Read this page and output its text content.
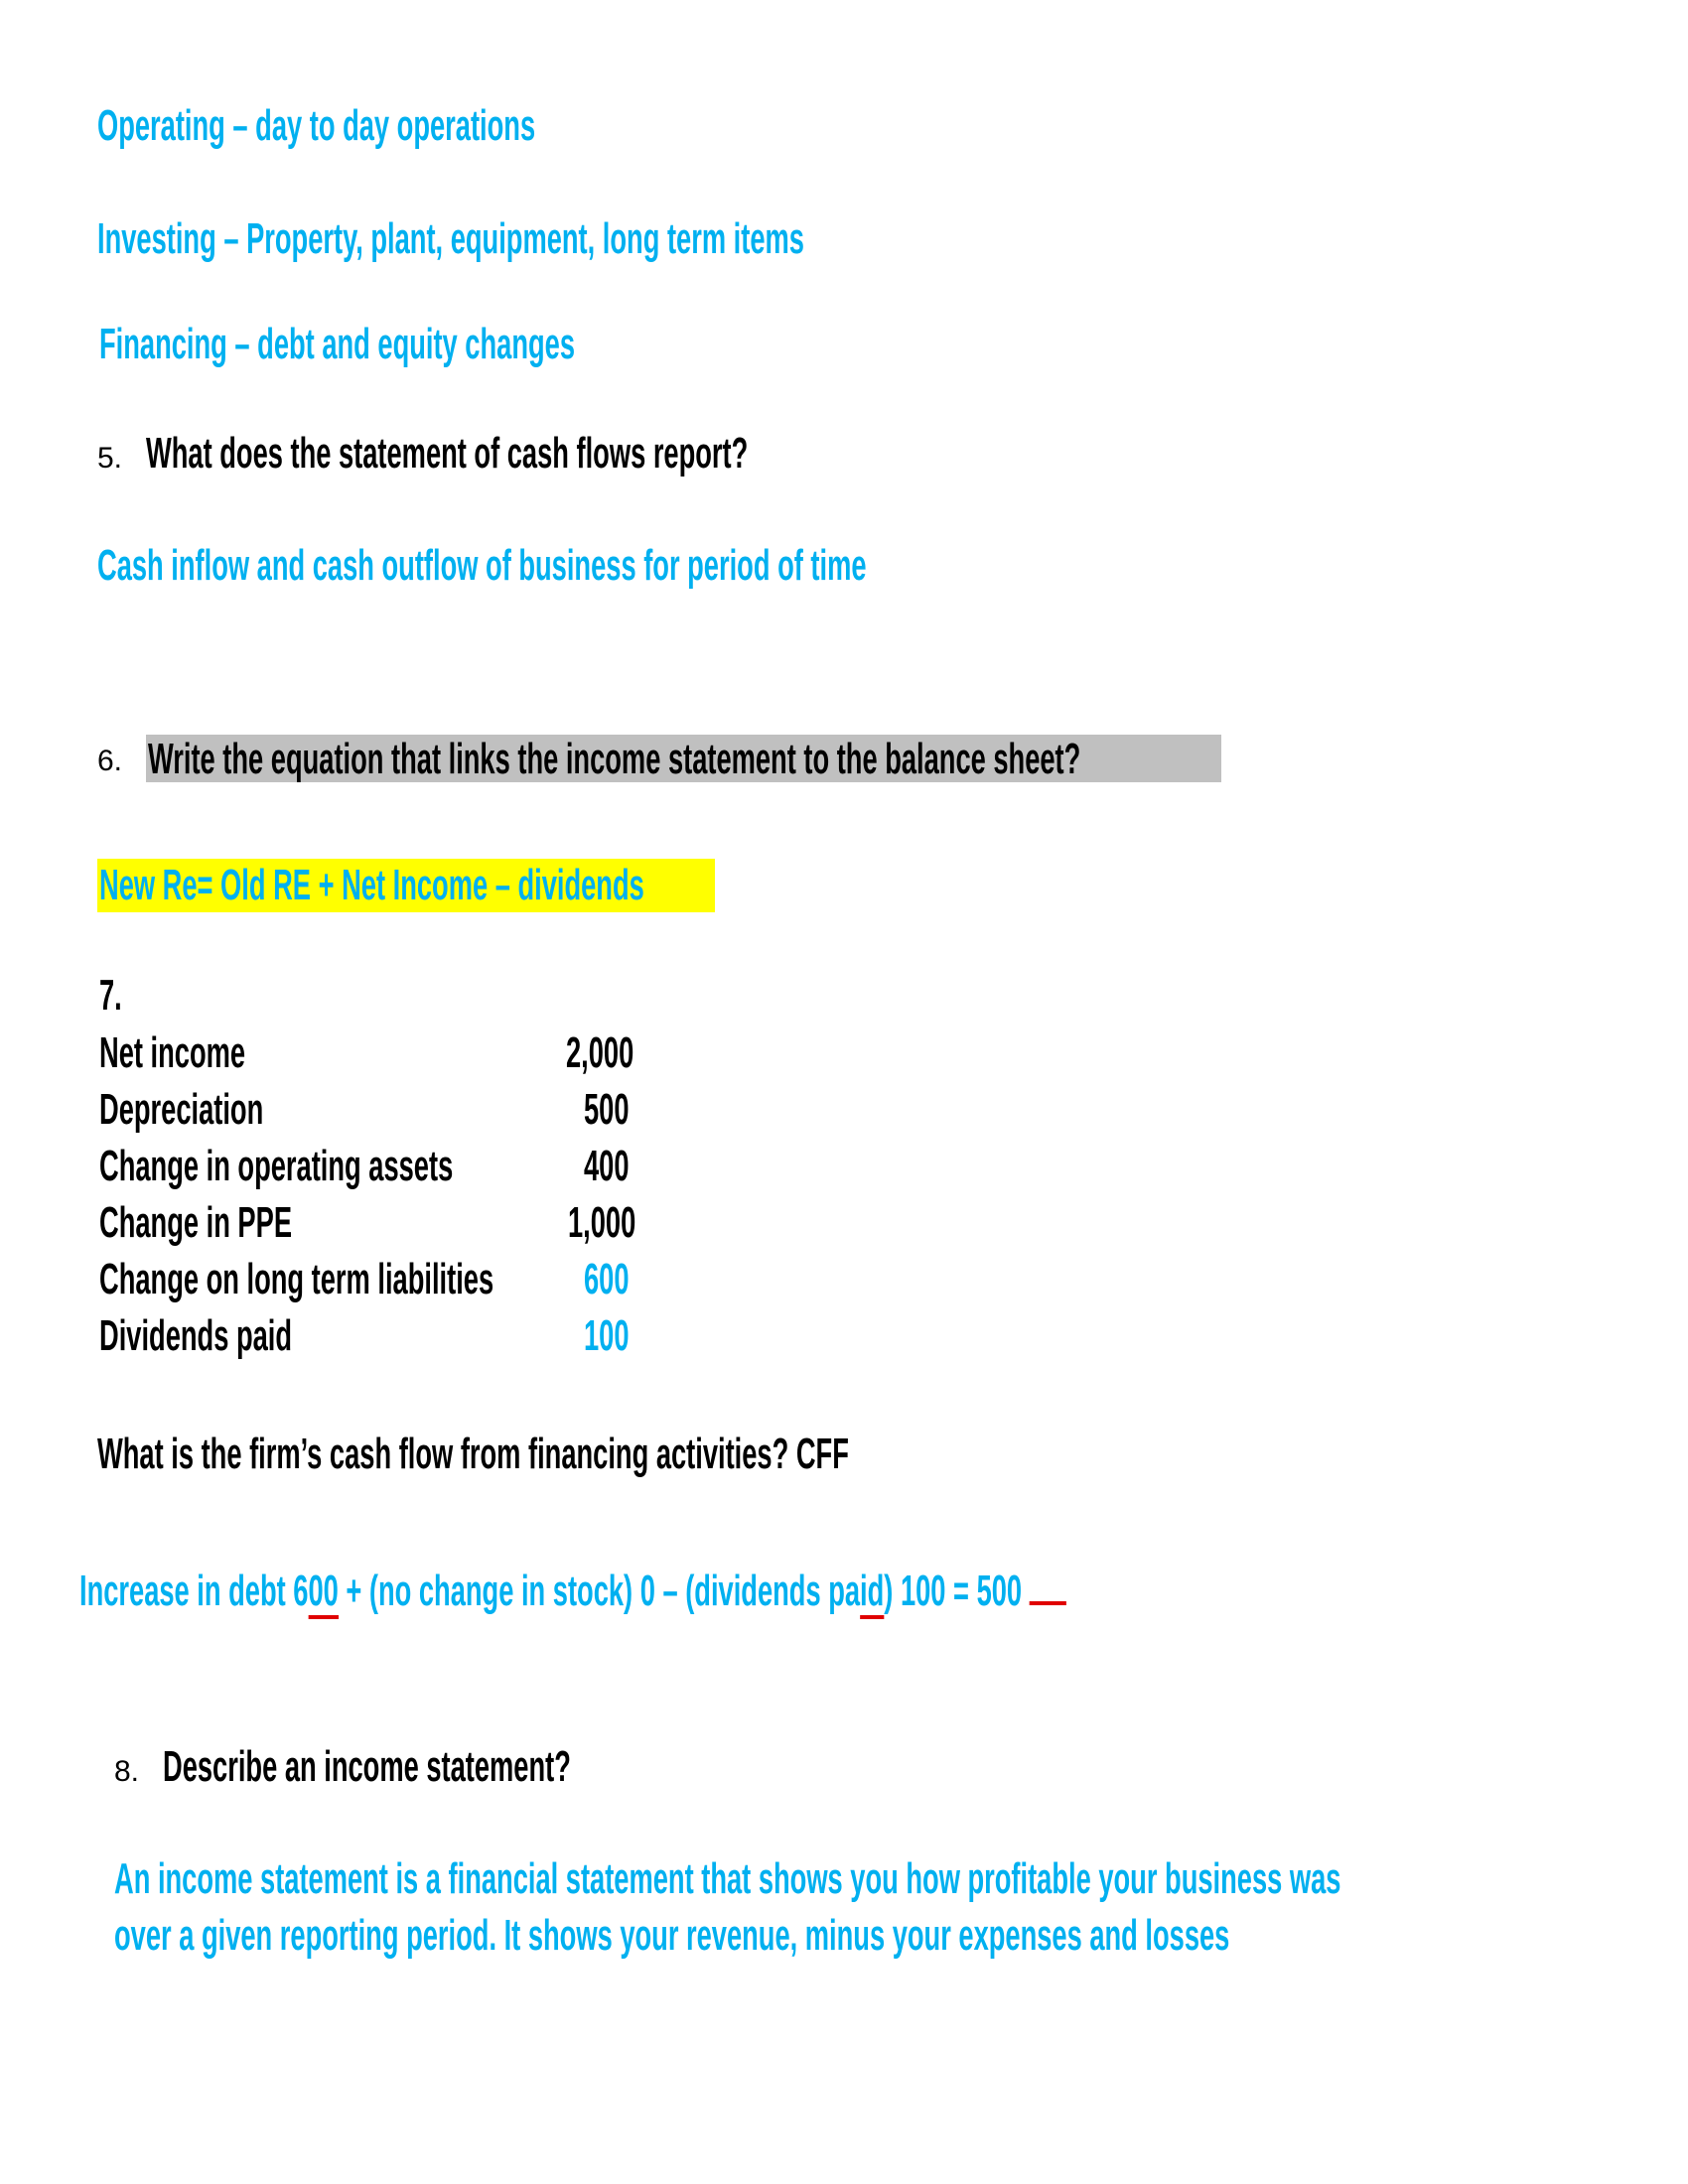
Operating – day to day operations
Investing – Property, plant, equipment, long term items
Financing – debt and equity changes
5. What does the statement of cash flows report?
Cash inflow and cash outflow of business for period of time
6. Write the equation that links the income statement to the balance sheet?
New Re= Old RE + Net Income – dividends
7.
Net income	2,000
Depreciation	500
Change in operating assets	400
Change in PPE	1,000
Change on long term liabilities	600
Dividends paid	100
What is the firm’s cash flow from financing activities? CFF
Increase in debt 600 + (no change in stock) 0 – (dividends paid) 100 = 500
8. Describe an income statement?
An income statement is a financial statement that shows you how profitable your business was
over a given reporting period. It shows your revenue, minus your expenses and losses
